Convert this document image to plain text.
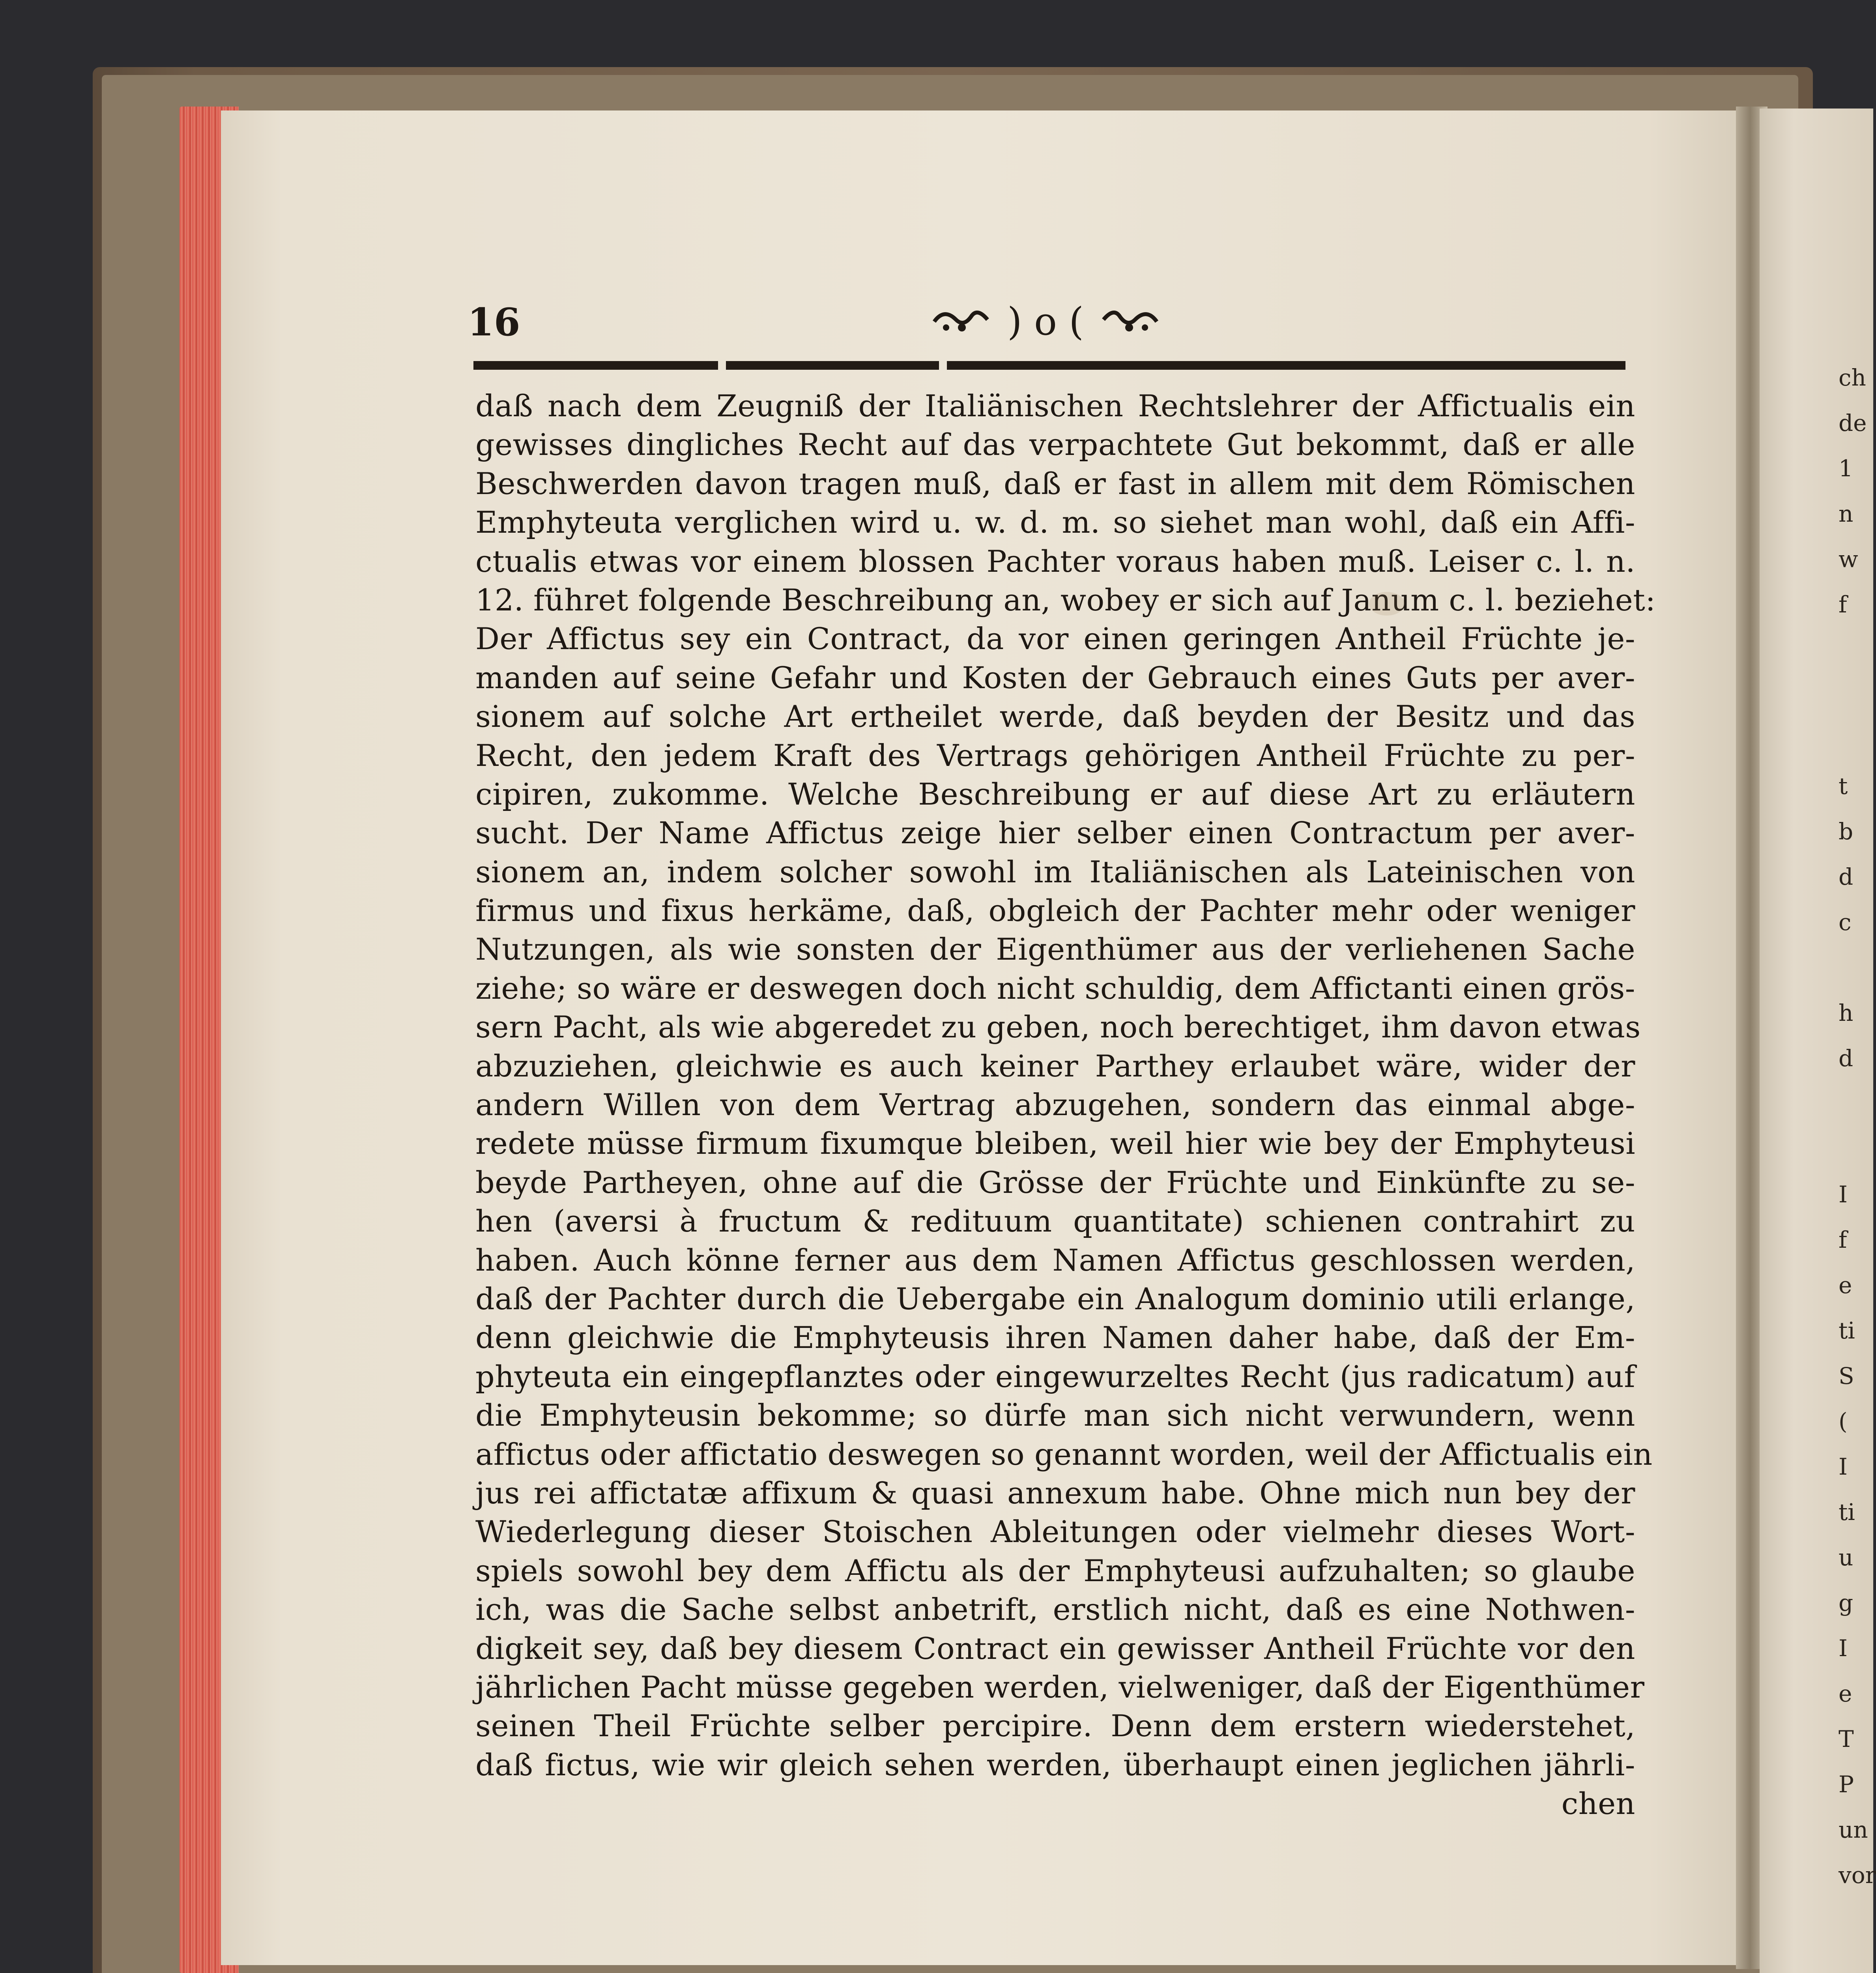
ch
de
1
n
w
f
t
b
d
c
h
d
I
f
e
ti
S
(
I
ti
u
g
I
e
T
P
un
vor
16	) o (
daß nach dem Zeugniß der Italiänischen Rechtslehrer der Affictualis ein
gewisses dingliches Recht auf das verpachtete Gut bekommt, daß er alle
Beschwerden davon tragen muß, daß er fast in allem mit dem Römischen
Emphyteuta verglichen wird u. w. d. m. so siehet man wohl, daß ein Affi-
ctualis etwas vor einem blossen Pachter voraus haben muß. Leiser c. l. n.
12. führet folgende Beschreibung an, wobey er sich auf Janum c. l. beziehet:
Der Affictus sey ein Contract, da vor einen geringen Antheil Früchte je-
manden auf seine Gefahr und Kosten der Gebrauch eines Guts per aver-
sionem auf solche Art ertheilet werde, daß beyden der Besitz und das
Recht, den jedem Kraft des Vertrags gehörigen Antheil Früchte zu per-
cipiren, zukomme. Welche Beschreibung er auf diese Art zu erläutern
sucht. Der Name Affictus zeige hier selber einen Contractum per aver-
sionem an, indem solcher sowohl im Italiänischen als Lateinischen von
firmus und fixus herkäme, daß, obgleich der Pachter mehr oder weniger
Nutzungen, als wie sonsten der Eigenthümer aus der verliehenen Sache
ziehe; so wäre er deswegen doch nicht schuldig, dem Affictanti einen grös-
sern Pacht, als wie abgeredet zu geben, noch berechtiget, ihm davon etwas
abzuziehen, gleichwie es auch keiner Parthey erlaubet wäre, wider der
andern Willen von dem Vertrag abzugehen, sondern das einmal abge-
redete müsse firmum fixumque bleiben, weil hier wie bey der Emphyteusi
beyde Partheyen, ohne auf die Grösse der Früchte und Einkünfte zu se-
hen (aversi à fructum & redituum quantitate) schienen contrahirt zu
haben. Auch könne ferner aus dem Namen Affictus geschlossen werden,
daß der Pachter durch die Uebergabe ein Analogum dominio utili erlange,
denn gleichwie die Emphyteusis ihren Namen daher habe, daß der Em-
phyteuta ein eingepflanztes oder eingewurzeltes Recht (jus radicatum) auf
die Emphyteusin bekomme; so dürfe man sich nicht verwundern, wenn
affictus oder affictatio deswegen so genannt worden, weil der Affictualis ein
jus rei affictatæ affixum & quasi annexum habe. Ohne mich nun bey der
Wiederlegung dieser Stoischen Ableitungen oder vielmehr dieses Wort-
spiels sowohl bey dem Affictu als der Emphyteusi aufzuhalten; so glaube
ich, was die Sache selbst anbetrift, erstlich nicht, daß es eine Nothwen-
digkeit sey, daß bey diesem Contract ein gewisser Antheil Früchte vor den
jährlichen Pacht müsse gegeben werden, vielweniger, daß der Eigenthümer
seinen Theil Früchte selber percipire. Denn dem erstern wiederstehet,
daß fictus, wie wir gleich sehen werden, überhaupt einen jeglichen jährli-
chen
